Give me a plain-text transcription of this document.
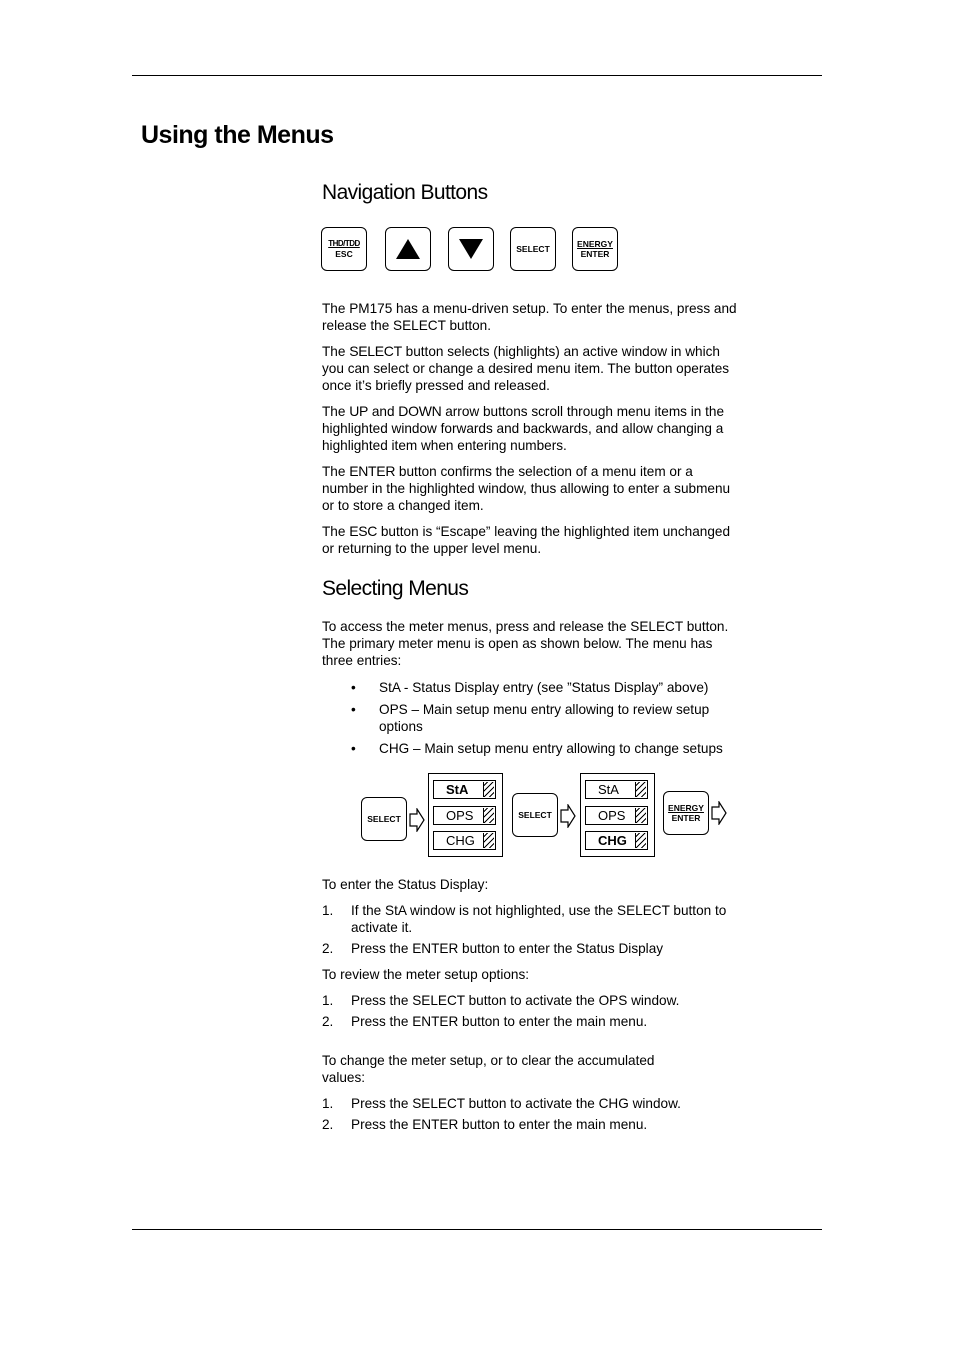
Using the Menus
Navigation Buttons
THD/TDD
ESC	SELECT	ENERGY
ENTER

The PM175 has a menu-driven setup. To enter the menus, press and release the SELECT button.

The SELECT button selects (highlights) an active window in which you can select or change a desired menu item. The button operates once it’s briefly pressed and released.

The UP and DOWN arrow buttons scroll through menu items in the highlighted window forwards and backwards, and allow changing a highlighted item when entering numbers.

The ENTER button confirms the selection of a menu item or a number in the highlighted window, thus allowing to enter a submenu or to store a changed item.

The ESC button is “Escape” leaving the highlighted item unchanged or returning to the upper level menu.

Selecting Menus

To access the meter menus, press and release the SELECT button. The primary meter menu is open as shown below. The menu has three entries:

• StA - Status Display entry (see ”Status Display” above)
• OPS – Main setup menu entry allowing to review setup options
• CHG – Main setup menu entry allowing to change setups
SELECT
StA
OPS
CHG
SELECT
StA
OPS
CHG
ENERGY
ENTER

To enter the Status Display:

1. If the StA window is not highlighted, use the SELECT button to activate it.
2. Press the ENTER button to enter the Status Display

To review the meter setup options:

1. Press the SELECT button to activate the OPS window.
2. Press the ENTER button to enter the main menu.

To change the meter setup, or to clear the accumulated values:

1. Press the SELECT button to activate the CHG window.
2. Press the ENTER button to enter the main menu.
